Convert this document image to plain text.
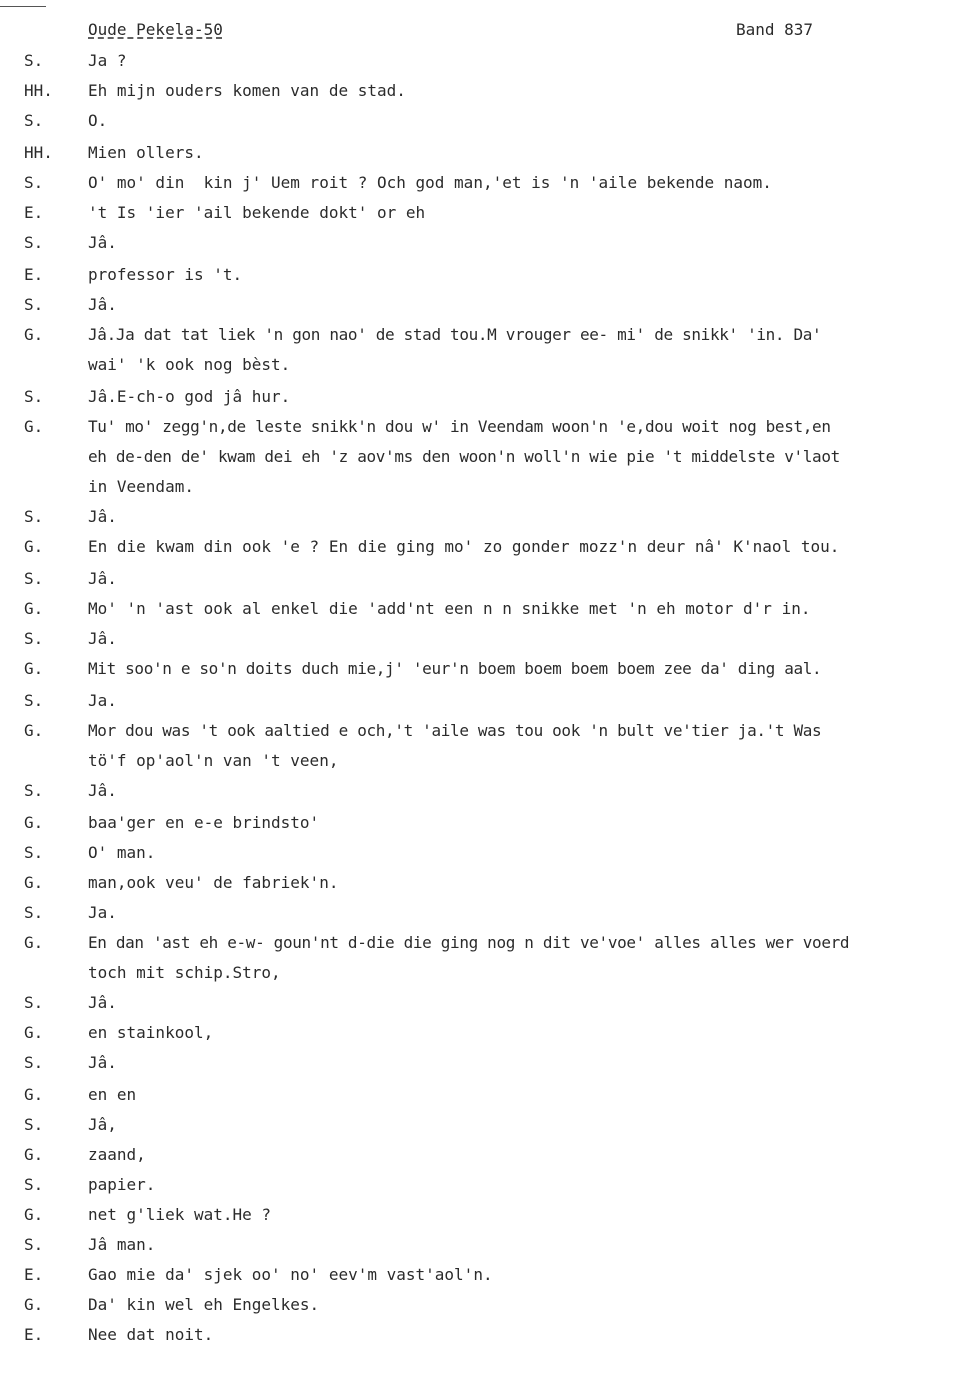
Oude Pekela-50	Band 837
S.	Ja ?
HH. Eh mijn ouders komen van de stad.
S.	O.
HH. Mien ollers.
S.	O' mo' din  kin j' Uem roit ? Och god man,'et is 'n 'aile bekende naom.
E.	't Is 'ier 'ail bekende dokt' or eh
S.	Jâ.
E.	professor is 't.
S.	Jâ.
G.	Jâ.Ja dat tat liek 'n gon nao' de stad tou.M vrouger ee- mi' de snikk' 'in. Da'
wai' 'k ook nog bèst.
S.	Jâ.E-ch-o god jâ hur.
G.	Tu' mo' zegg'n,de leste snikk'n dou w' in Veendam woon'n 'e,dou woit nog best,en
eh de-den de' kwam dei eh 'z aov'ms den woon'n woll'n wie pie 't middelste v'laot
in Veendam.
S.	Jâ.
G.	En die kwam din ook 'e ? En die ging mo' zo gonder mozz'n deur nâ' K'naol tou.
S.	Jâ.
G.	Mo' 'n 'ast ook al enkel die 'add'nt een n n snikke met 'n eh motor d'r in.
S.	Jâ.
G.	Mit soo'n e so'n doits duch mie,j' 'eur'n boem boem boem boem zee da' ding aal.
S.	Ja.
G.	Mor dou was 't ook aaltied e och,'t 'aile was tou ook 'n bult ve'tier ja.'t Was
tö'f op'aol'n van 't veen,
S.	Jâ.
G.	baa'ger en e-e brindsto'
S.	O' man.
G.	man,ook veu' de fabriek'n.
S.	Ja.
G.	En dan 'ast eh e-w- goun'nt d-die die ging nog n dit ve'voe' alles alles wer voerd
toch mit schip.Stro,
S.	Jâ.
G.	en stainkool,
S.	Jâ.
G.	en en
S.	Jâ,
G.	zaand,
S.	papier.
G.	net g'liek wat.He ?
S.	Jâ man.
E.	Gao mie da' sjek oo' no' eev'm vast'aol'n.
G.	Da' kin wel eh Engelkes.
E.	Nee dat noit.
